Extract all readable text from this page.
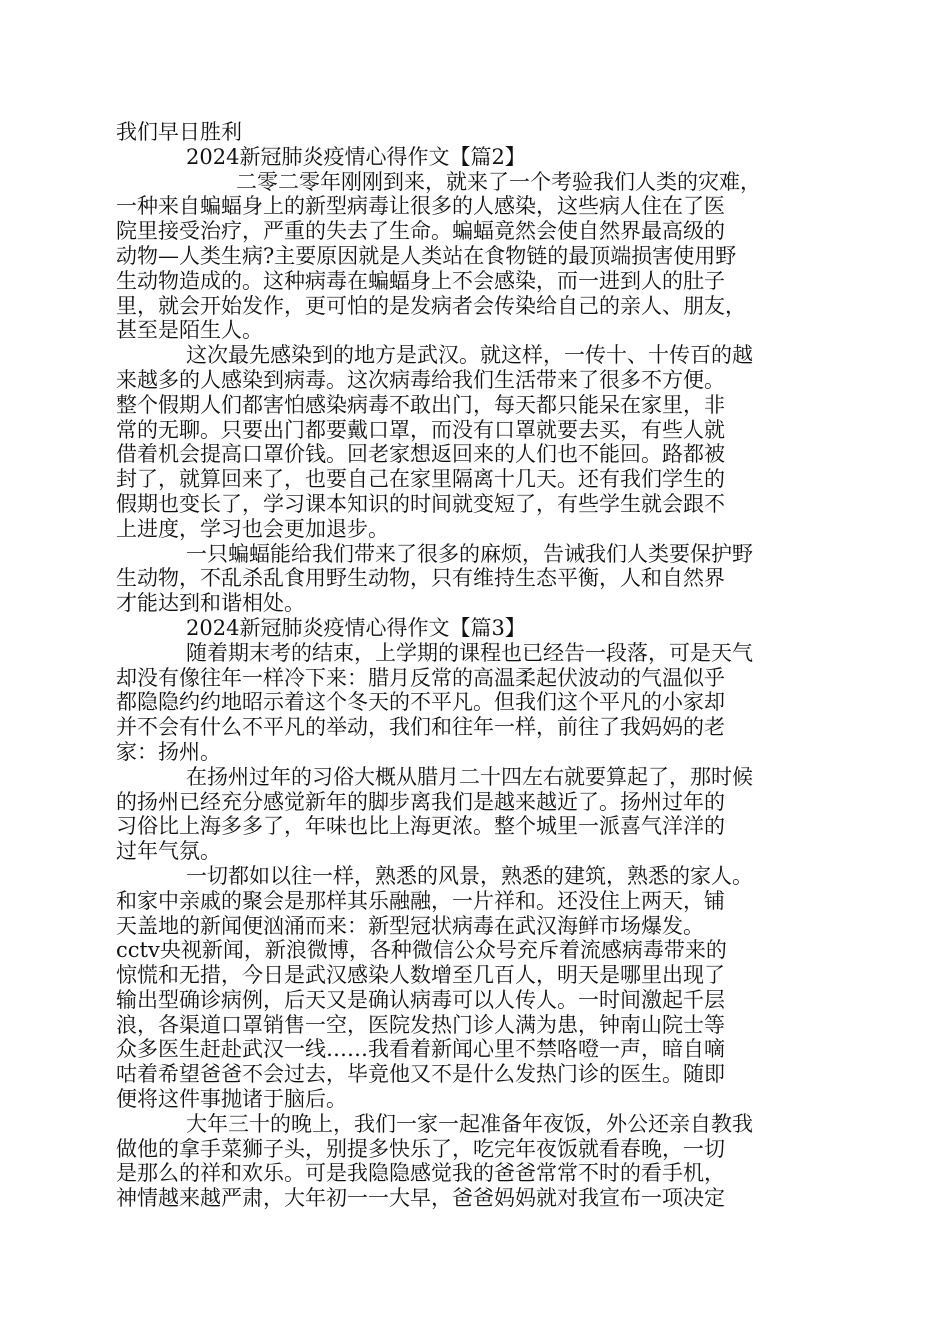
我们早日胜利
2024新冠肺炎疫情心得作文【篇2】
二零二零年刚刚到来，就来了一个考验我们人类的灾难，
一种来自蝙蝠身上的新型病毒让很多的人感染，这些病人住在了医
院里接受治疗，严重的失去了生命。蝙蝠竟然会使自然界最高级的
动物—人类生病?主要原因就是人类站在食物链的最顶端损害使用野
生动物造成的。这种病毒在蝙蝠身上不会感染，而一进到人的肚子
里，就会开始发作，更可怕的是发病者会传染给自己的亲人、朋友，
甚至是陌生人。
这次最先感染到的地方是武汉。就这样，一传十、十传百的越
来越多的人感染到病毒。这次病毒给我们生活带来了很多不方便。
整个假期人们都害怕感染病毒不敢出门，每天都只能呆在家里，非
常的无聊。只要出门都要戴口罩，而没有口罩就要去买，有些人就
借着机会提高口罩价钱。回老家想返回来的人们也不能回。路都被
封了，就算回来了，也要自己在家里隔离十几天。还有我们学生的
假期也变长了，学习课本知识的时间就变短了，有些学生就会跟不
上进度，学习也会更加退步。
一只蝙蝠能给我们带来了很多的麻烦，告诫我们人类要保护野
生动物，不乱杀乱食用野生动物，只有维持生态平衡，人和自然界
才能达到和谐相处。
2024新冠肺炎疫情心得作文【篇3】
随着期末考的结束，上学期的课程也已经告一段落，可是天气
却没有像往年一样冷下来：腊月反常的高温柔起伏波动的气温似乎
都隐隐约约地昭示着这个冬天的不平凡。但我们这个平凡的小家却
并不会有什么不平凡的举动，我们和往年一样，前往了我妈妈的老
家：扬州。
在扬州过年的习俗大概从腊月二十四左右就要算起了，那时候
的扬州已经充分感觉新年的脚步离我们是越来越近了。扬州过年的
习俗比上海多多了，年味也比上海更浓。整个城里一派喜气洋洋的
过年气氛。
一切都如以往一样，熟悉的风景，熟悉的建筑，熟悉的家人。
和家中亲戚的聚会是那样其乐融融，一片祥和。还没住上两天，铺
天盖地的新闻便汹涌而来：新型冠状病毒在武汉海鲜市场爆发。
cctv央视新闻，新浪微博，各种微信公众号充斥着流感病毒带来的
惊慌和无措，今日是武汉感染人数增至几百人，明天是哪里出现了
输出型确诊病例，后天又是确认病毒可以人传人。一时间激起千层
浪，各渠道口罩销售一空，医院发热门诊人满为患，钟南山院士等
众多医生赶赴武汉一线……我看着新闻心里不禁咯噔一声，暗自嘀
咕着希望爸爸不会过去，毕竟他又不是什么发热门诊的医生。随即
便将这件事抛诸于脑后。
大年三十的晚上，我们一家一起准备年夜饭，外公还亲自教我
做他的拿手菜狮子头，别提多快乐了，吃完年夜饭就看春晚，一切
是那么的祥和欢乐。可是我隐隐感觉我的爸爸常常不时的看手机，
神情越来越严肃，大年初一一大早，爸爸妈妈就对我宣布一项决定
